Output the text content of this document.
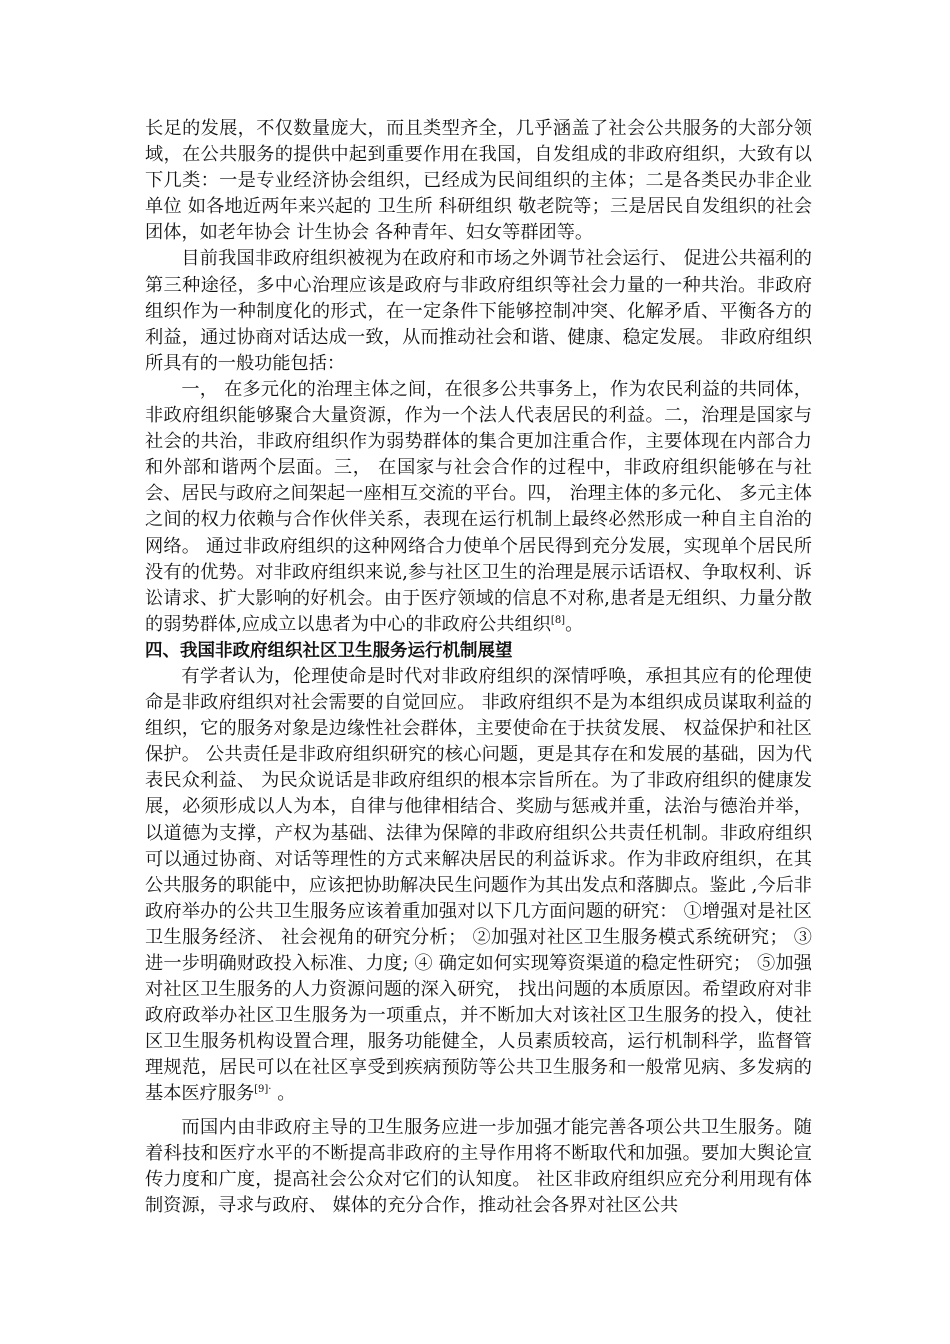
长足的发展，不仅数量庞大，而且类型齐全，几乎涵盖了社会公共服务的大部分领域，在公共服务的提供中起到重要作用在我国，自发组成的非政府组织，大致有以下几类：一是专业经济协会组织，已经成为民间组织的主体；二是各类民办非企业单位 如各地近两年来兴起的 卫生所 科研组织 敬老院等；三是居民自发组织的社会团体，如老年协会 计生协会 各种青年、妇女等群团等。

目前我国非政府组织被视为在政府和市场之外调节社会运行、 促进公共福利的第三种途径，多中心治理应该是政府与非政府组织等社会力量的一种共治。非政府组织作为一种制度化的形式，在一定条件下能够控制冲突、化解矛盾、平衡各方的利益，通过协商对话达成一致，从而推动社会和谐、健康、稳定发展。 非政府组织所具有的一般功能包括：

一， 在多元化的治理主体之间，在很多公共事务上，作为农民利益的共同体，非政府组织能够聚合大量资源，作为一个法人代表居民的利益。二，治理是国家与社会的共治，非政府组织作为弱势群体的集合更加注重合作，主要体现在内部合力和外部和谐两个层面。三， 在国家与社会合作的过程中，非政府组织能够在与社会、居民与政府之间架起一座相互交流的平台。四， 治理主体的多元化、 多元主体之间的权力依赖与合作伙伴关系，表现在运行机制上最终必然形成一种自主自治的网络。 通过非政府组织的这种网络合力使单个居民得到充分发展，实现单个居民所没有的优势。对非政府组织来说,参与社区卫生的治理是展示话语权、争取权利、诉讼请求、扩大影响的好机会。由于医疗领域的信息不对称,患者是无组织、力量分散的弱势群体,应成立以患者为中心的非政府公共组织[8]。

四、我国非政府组织社区卫生服务运行机制展望

有学者认为，伦理使命是时代对非政府组织的深情呼唤，承担其应有的伦理使命是非政府组织对社会需要的自觉回应。 非政府组织不是为本组织成员谋取利益的组织，它的服务对象是边缘性社会群体，主要使命在于扶贫发展、 权益保护和社区保护。 公共责任是非政府组织研究的核心问题，更是其存在和发展的基础，因为代表民众利益、 为民众说话是非政府组织的根本宗旨所在。为了非政府组织的健康发展，必须形成以人为本，自律与他律相结合、奖励与惩戒并重，法治与德治并举，以道德为支撑，产权为基础、法律为保障的非政府组织公共责任机制。非政府组织可以通过协商、对话等理性的方式来解决居民的利益诉求。作为非政府组织，在其公共服务的职能中，应该把协助解决民生问题作为其出发点和落脚点。鉴此 ,今后非政府举办的公共卫生服务应该着重加强对以下几方面问题的研究： ①增强对是社区卫生服务经济、 社会视角的研究分析； ②加强对社区卫生服务模式系统研究； ③进一步明确财政投入标准、力度; ④ 确定如何实现筹资渠道的稳定性研究； ⑤加强对社区卫生服务的人力资源问题的深入研究， 找出问题的本质原因。希望政府对非政府政举办社区卫生服务为一项重点，并不断加大对该社区卫生服务的投入，使社区卫生服务机构设置合理，服务功能健全，人员素质较高，运行机制科学，监督管理规范，居民可以在社区享受到疾病预防等公共卫生服务和一般常见病、多发病的基本医疗服务$^{[9]\cdot}$ 。

而国内由非政府主导的卫生服务应进一步加强才能完善各项公共卫生服务。随着科技和医疗水平的不断提高非政府的主导作用将不断取代和加强。要加大舆论宣传力度和广度，提高社会公众对它们的认知度。 社区非政府组织应充分利用现有体制资源，寻求与政府、 媒体的充分合作，推动社会各界对社区公共
